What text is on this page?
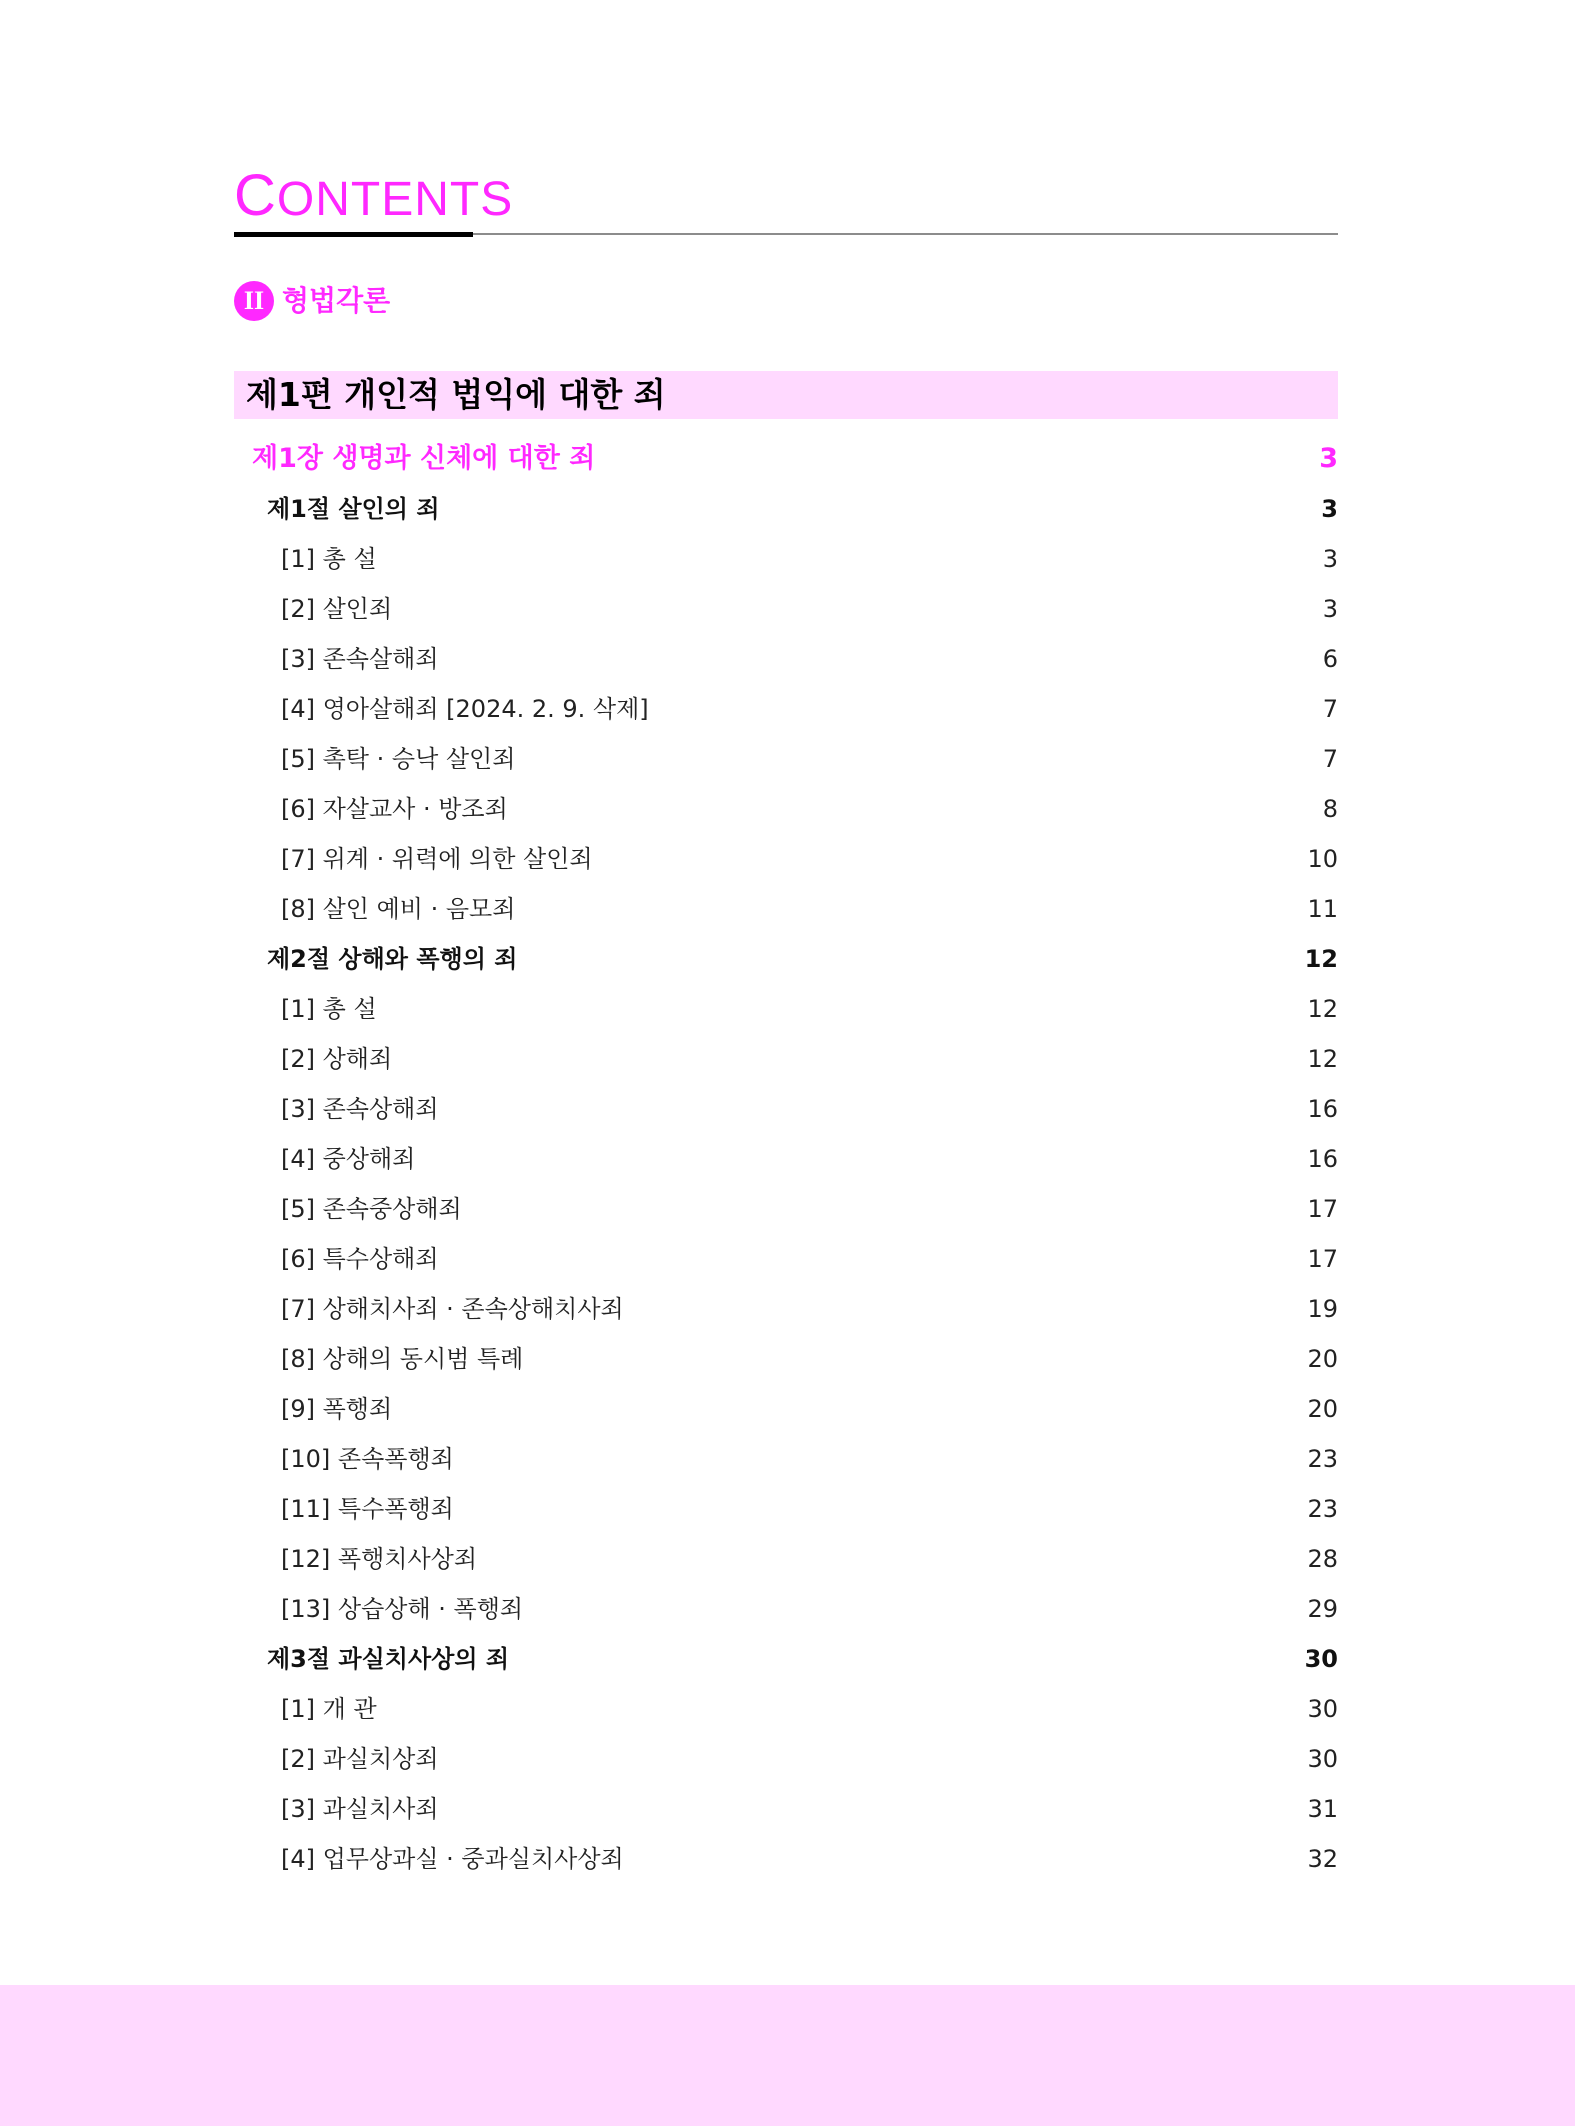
CONTENTS
II 형법각론
제1편 개인적 법익에 대한 죄
제1장 생명과 신체에 대한 죄	3
제1절 살인의 죄	3
[1] 총 설	3
[2] 살인죄	3
[3] 존속살해죄	6
[4] 영아살해죄 [2024. 2. 9. 삭제]	7
[5] 촉탁 · 승낙 살인죄	7
[6] 자살교사 · 방조죄	8
[7] 위계 · 위력에 의한 살인죄	10
[8] 살인 예비 · 음모죄	11
제2절 상해와 폭행의 죄	12
[1] 총 설	12
[2] 상해죄	12
[3] 존속상해죄	16
[4] 중상해죄	16
[5] 존속중상해죄	17
[6] 특수상해죄	17
[7] 상해치사죄 · 존속상해치사죄	19
[8] 상해의 동시범 특례	20
[9] 폭행죄	20
[10] 존속폭행죄	23
[11] 특수폭행죄	23
[12] 폭행치사상죄	28
[13] 상습상해 · 폭행죄	29
제3절 과실치사상의 죄	30
[1] 개 관	30
[2] 과실치상죄	30
[3] 과실치사죄	31
[4] 업무상과실 · 중과실치사상죄	32
